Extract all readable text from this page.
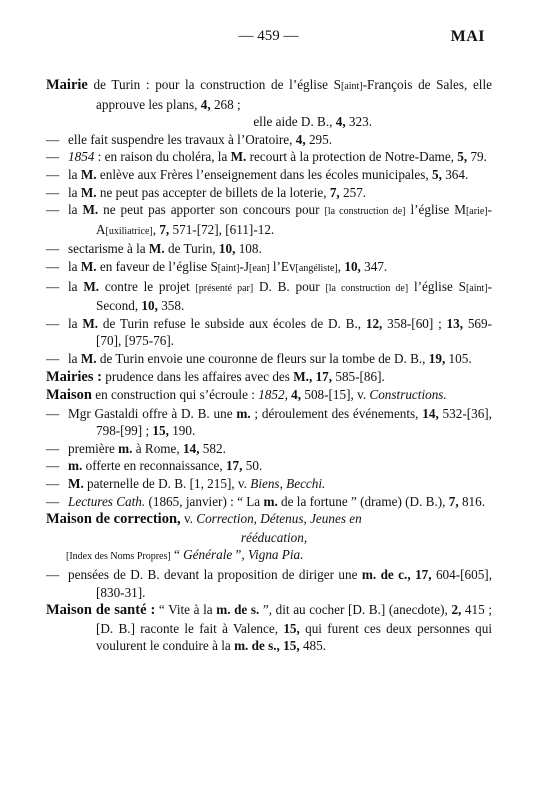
— 459 —	MAI

Mairie de Turin : pour la construction de l’église S[aint]-François de Sales, elle approuve les plans, 4, 268 ;
elle aide D. B., 4, 323.

— elle fait suspendre les travaux à l’Oratoire, 4, 295.

— 1854 : en raison du choléra, la M. recourt à la protection de Notre-Dame, 5, 79.

— la M. enlève aux Frères l’enseignement dans les écoles municipales, 5, 364.

— la M. ne peut pas accepter de billets de la loterie, 7, 257.

— la M. ne peut pas apporter son concours pour [la construction de] l’église M[arie]-A[uxiliatrice], 7, 571-[72], [611]-12.

— sectarisme à la M. de Turin, 10, 108.

— la M. en faveur de l’église S[aint]-J[ean] l’Ev[angéliste], 10, 347.

— la M. contre le projet [présenté par] D. B. pour [la construction de] l’église S[aint]-Second, 10, 358.

— la M. de Turin refuse le subside aux écoles de D. B., 12, 358-[60] ; 13, 569-[70], [975-76].

— la M. de Turin envoie une couronne de fleurs sur la tombe de D. B., 19, 105.

Mairies : prudence dans les affaires avec des M., 17, 585-[86].

Maison en construction qui s’écroule : 1852, 4, 508-[15], v. Constructions.

— Mgr Gastaldi offre à D. B. une m. ; déroulement des événements, 14, 532-[36], 798-[99] ; 15, 190.

— première m. à Rome, 14, 582.

— m. offerte en reconnaissance, 17, 50.

— M. paternelle de D. B. [1, 215], v. Biens, Becchi.

— Lectures Cath. (1865, janvier) : “ La m. de la fortune ” (drame) (D. B.), 7, 816.

Maison de correction, v. Correction, Détenus, Jeunes en
rééducation,
[Index des Noms Propres] “ Générale ”, Vigna Pia.

— pensées de D. B. devant la proposition de diriger une m. de c., 17, 604-[605], [830-31].

Maison de santé : “ Vite à la m. de s. ”, dit au cocher [D. B.] (anecdote), 2, 415 ; [D. B.] raconte le fait à Valence, 15, qui furent ces deux personnes qui voulurent le conduire à la m. de s., 15, 485.
